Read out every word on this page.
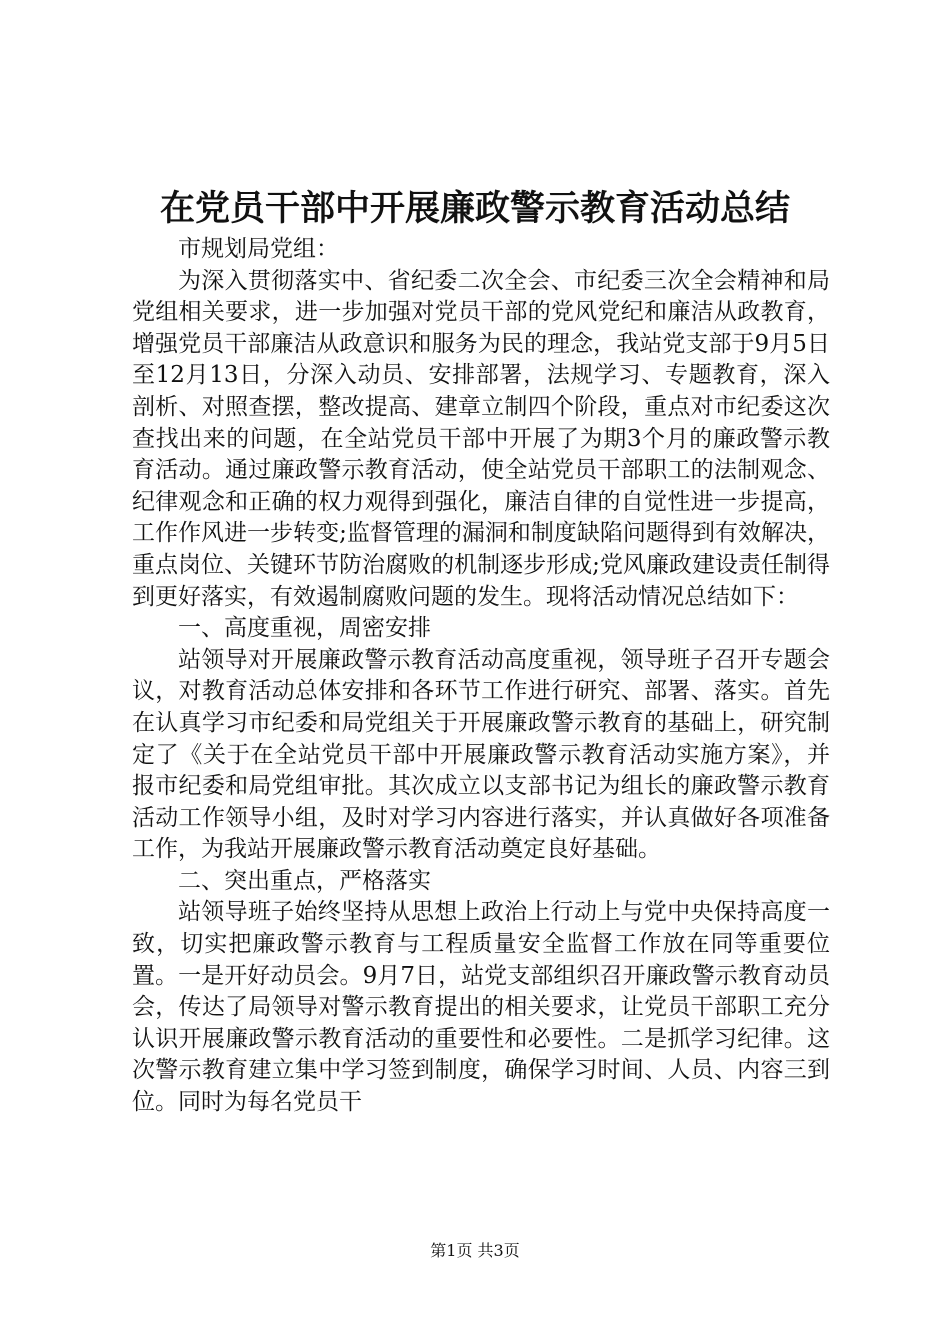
在党员干部中开展廉政警示教育活动总结

市规划局党组：

为深入贯彻落实中、省纪委二次全会、市纪委三次全会精神和局党组相关要求，进一步加强对党员干部的党风党纪和廉洁从政教育，增强党员干部廉洁从政意识和服务为民的理念，我站党支部于9月5日至12月13日，分深入动员、安排部署，法规学习、专题教育，深入剖析、对照查摆，整改提高、建章立制四个阶段，重点对市纪委这次查找出来的问题，在全站党员干部中开展了为期3个月的廉政警示教育活动。通过廉政警示教育活动，使全站党员干部职工的法制观念、纪律观念和正确的权力观得到强化，廉洁自律的自觉性进一步提高，工作作风进一步转变;监督管理的漏洞和制度缺陷问题得到有效解决，重点岗位、关键环节防治腐败的机制逐步形成;党风廉政建设责任制得到更好落实，有效遏制腐败问题的发生。现将活动情况总结如下：

一、高度重视，周密安排

站领导对开展廉政警示教育活动高度重视，领导班子召开专题会议，对教育活动总体安排和各环节工作进行研究、部署、落实。首先在认真学习市纪委和局党组关于开展廉政警示教育的基础上，研究制定了《关于在全站党员干部中开展廉政警示教育活动实施方案》，并报市纪委和局党组审批。其次成立以支部书记为组长的廉政警示教育活动工作领导小组，及时对学习内容进行落实，并认真做好各项准备工作，为我站开展廉政警示教育活动奠定良好基础。

二、突出重点，严格落实

站领导班子始终坚持从思想上政治上行动上与党中央保持高度一致，切实把廉政警示教育与工程质量安全监督工作放在同等重要位置。一是开好动员会。9月7日，站党支部组织召开廉政警示教育动员会，传达了局领导对警示教育提出的相关要求，让党员干部职工充分认识开展廉政警示教育活动的重要性和必要性。二是抓学习纪律。这次警示教育建立集中学习签到制度，确保学习时间、人员、内容三到位。同时为每名党员干

第1页 共3页
